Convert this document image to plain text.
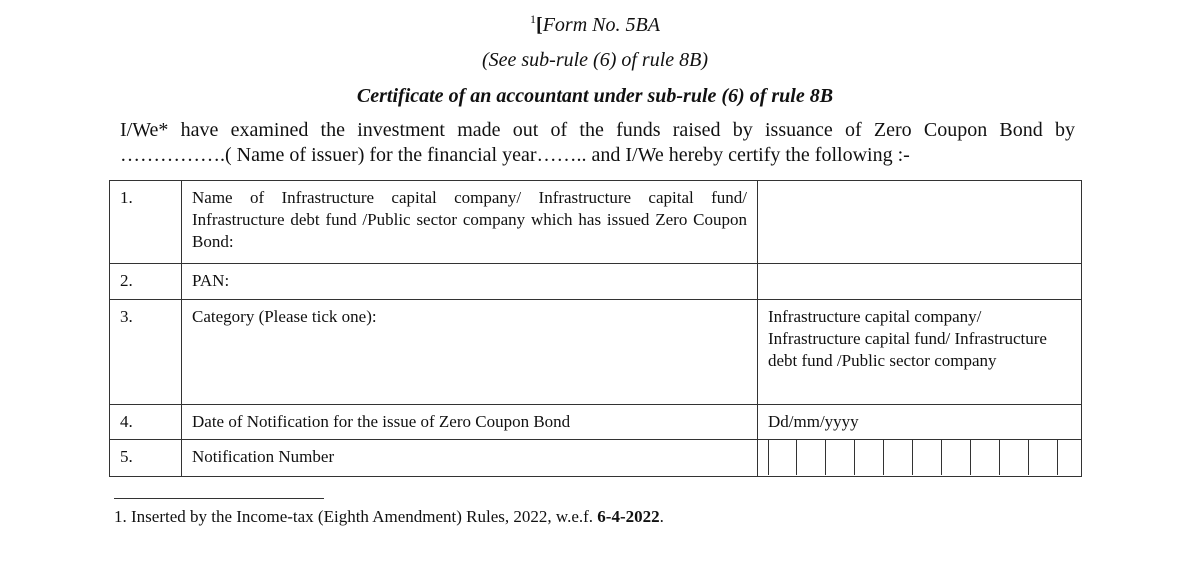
$^1$[Form No. 5BA
(See sub-rule (6) of rule 8B)
Certificate of an accountant under sub-rule (6) of rule 8B
I/We* have examined the investment made out of the funds raised by issuance of Zero Coupon Bond by
…………….( Name of issuer) for the financial year…….. and I/We hereby certify the following :-
1.	Name of Infrastructure capital company/ Infrastructure capital fund/ Infrastructure debt fund /Public sector company which has issued Zero Coupon Bond:	
2.	PAN:	
3.	Category (Please tick one):	Infrastructure capital company/ Infrastructure capital fund/ Infrastructure debt fund /Public sector company
4.	Date of Notification for the issue of Zero Coupon Bond	Dd/mm/yyyy
5.	Notification Number	
1. Inserted by the Income-tax (Eighth Amendment) Rules, 2022, w.e.f. 6-4-2022.
